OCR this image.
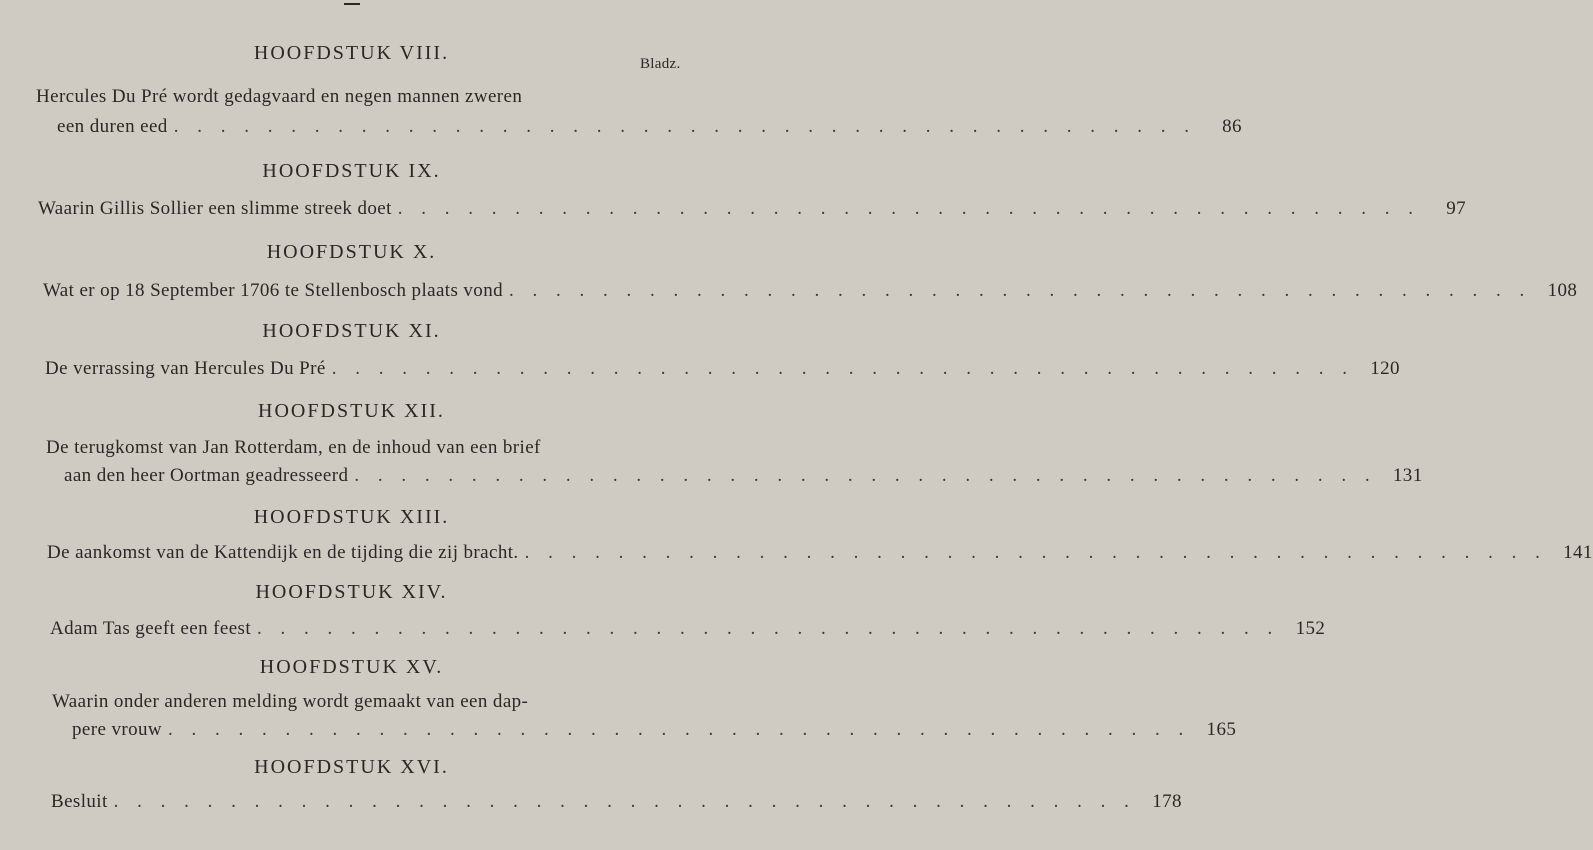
Bladz.
HOOFDSTUK VIII.
Hercules Du Pré wordt gedagvaard en negen mannen zweren
een duren eed . . . . . . . . . . . . . . . . . . . . . . . . . . . . . . . . . . . . . . . . . . . .	86
HOOFDSTUK IX.
Waarin Gillis Sollier een slimme streek doet . . . . . . . . . . . . . . . . . . . . . . . . . . . . . . . . . . . . . . . . . . . .	97
HOOFDSTUK X.
Wat er op 18 September 1706 te Stellenbosch plaats vond . . . . . . . . . . . . . . . . . . . . . . . . . . . . . . . . . . . . . . . . . . . . 108
HOOFDSTUK XI.
De verrassing van Hercules Du Pré . . . . . . . . . . . . . . . . . . . . . . . . . . . . . . . . . . . . . . . . . . . . 120
HOOFDSTUK XII.
De terugkomst van Jan Rotterdam, en de inhoud van een brief
aan den heer Oortman geadresseerd . . . . . . . . . . . . . . . . . . . . . . . . . . . . . . . . . . . . . . . . . . . . 131
HOOFDSTUK XIII.
De aankomst van de Kattendijk en de tijding die zij bracht. . . . . . . . . . . . . . . . . . . . . . . . . . . . . . . . . . . . . . . . . . . . . 141
HOOFDSTUK XIV.
Adam Tas geeft een feest . . . . . . . . . . . . . . . . . . . . . . . . . . . . . . . . . . . . . . . . . . . . 152
HOOFDSTUK XV.
Waarin onder anderen melding wordt gemaakt van een dap-
pere vrouw . . . . . . . . . . . . . . . . . . . . . . . . . . . . . . . . . . . . . . . . . . . . 165
HOOFDSTUK XVI.
Besluit . . . . . . . . . . . . . . . . . . . . . . . . . . . . . . . . . . . . . . . . . . . . 178
